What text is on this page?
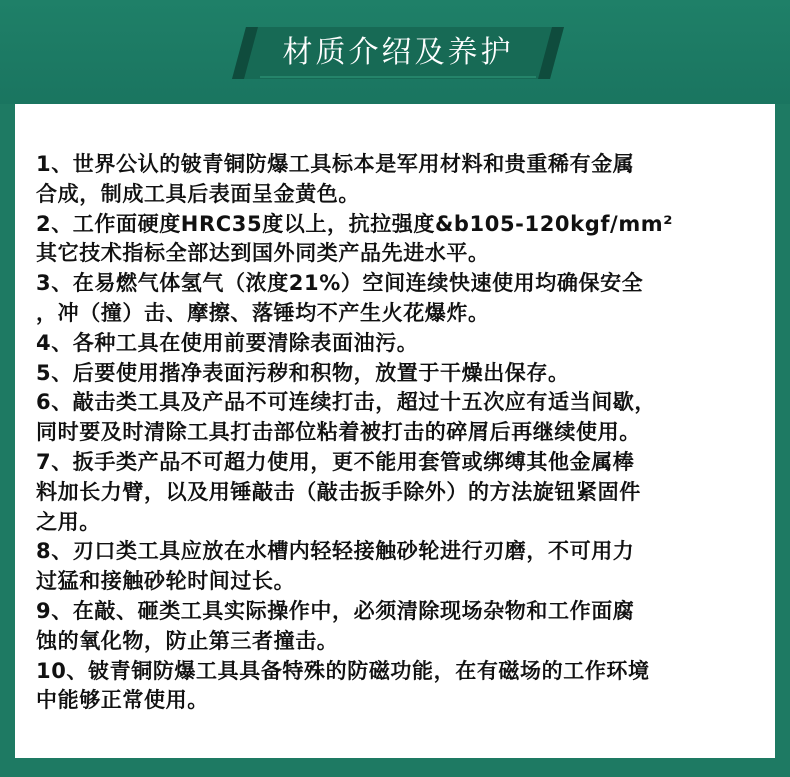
材质介绍及养护
1、世界公认的铍青铜防爆工具标本是军用材料和贵重稀有金属
合成，制成工具后表面呈金黄色。
2、工作面硬度HRC35度以上，抗拉强度&b105-120kgf/mm²
其它技术指标全部达到国外同类产品先进水平。
3、在易燃气体氢气（浓度21%）空间连续快速使用均确保安全
，冲（撞）击、摩擦、落锤均不产生火花爆炸。
4、各种工具在使用前要清除表面油污。
5、后要使用揩净表面污秽和积物，放置于干燥出保存。
6、敲击类工具及产品不可连续打击，超过十五次应有适当间歇，
同时要及时清除工具打击部位粘着被打击的碎屑后再继续使用。
7、扳手类产品不可超力使用，更不能用套管或绑缚其他金属棒
料加长力臂，以及用锤敲击（敲击扳手除外）的方法旋钮紧固件
之用。
8、刃口类工具应放在水槽内轻轻接触砂轮进行刃磨，不可用力
过猛和接触砂轮时间过长。
9、在敲、砸类工具实际操作中，必须清除现场杂物和工作面腐
蚀的氧化物，防止第三者撞击。
10、铍青铜防爆工具具备特殊的防磁功能，在有磁场的工作环境
中能够正常使用。
